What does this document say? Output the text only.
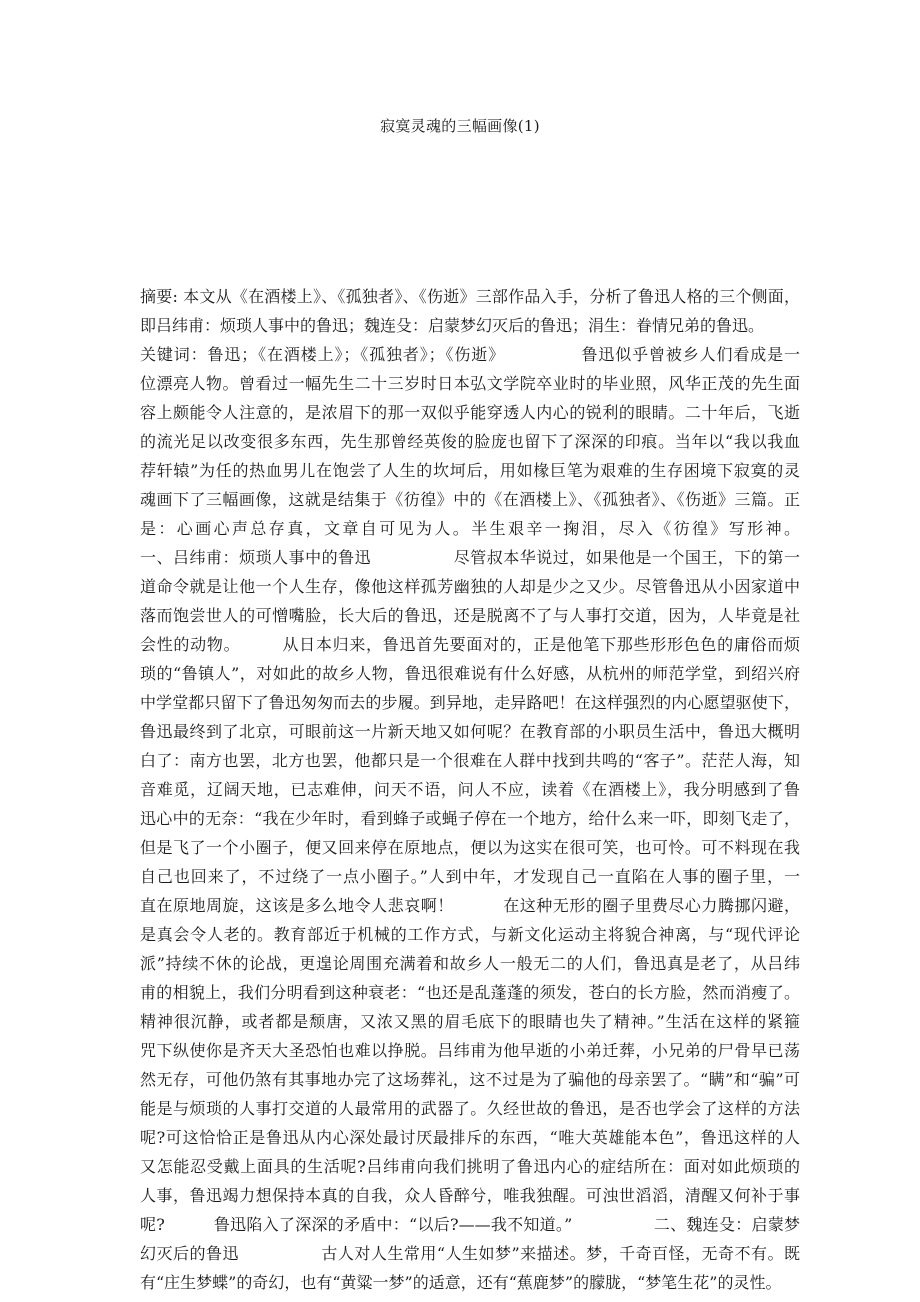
寂寞灵魂的三幅画像(1)
摘要: 本文从《在酒楼上》、《孤独者》、《伤逝》三部作品入手，分析了鲁迅人格的三个侧面，
即吕纬甫：烦琐人事中的鲁迅；魏连殳：启蒙梦幻灭后的鲁迅；涓生：眷情兄弟的鲁迅。
关键词：鲁迅；《在酒楼上》；《孤独者》；《伤逝》　　　　　鲁迅似乎曾被乡人们看成是一
位漂亮人物。曾看过一幅先生二十三岁时日本弘文学院卒业时的毕业照，风华正茂的先生面
容上颇能令人注意的，是浓眉下的那一双似乎能穿透人内心的锐利的眼睛。二十年后，飞逝
的流光足以改变很多东西，先生那曾经英俊的脸庞也留下了深深的印痕。当年以“我以我血
荐轩辕”为任的热血男儿在饱尝了人生的坎坷后，用如椽巨笔为艰难的生存困境下寂寞的灵
魂画下了三幅画像，这就是结集于《彷徨》中的《在酒楼上》、《孤独者》、《伤逝》三篇。正
是：心画心声总存真，文章自可见为人。半生艰辛一掬泪，尽入《彷徨》写形神。
一、吕纬甫：烦琐人事中的鲁迅　　　　　尽管叔本华说过，如果他是一个国王，下的第一
道命令就是让他一个人生存，像他这样孤芳幽独的人却是少之又少。尽管鲁迅从小因家道中
落而饱尝世人的可憎嘴脸，长大后的鲁迅，还是脱离不了与人事打交道，因为，人毕竟是社
会性的动物。　　　从日本归来，鲁迅首先要面对的，正是他笔下那些形形色色的庸俗而烦
琐的“鲁镇人”，对如此的故乡人物，鲁迅很难说有什么好感，从杭州的师范学堂，到绍兴府
中学堂都只留下了鲁迅匆匆而去的步履。到异地，走异路吧！在这样强烈的内心愿望驱使下，
鲁迅最终到了北京，可眼前这一片新天地又如何呢？在教育部的小职员生活中，鲁迅大概明
白了：南方也罢，北方也罢，他都只是一个很难在人群中找到共鸣的“客子”。茫茫人海，知
音难觅，辽阔天地，已志难伸，问天不语，问人不应，读着《在酒楼上》，我分明感到了鲁
迅心中的无奈：“我在少年时，看到蜂子或蝇子停在一个地方，给什么来一吓，即刻飞走了，
但是飞了一个小圈子，便又回来停在原地点，便以为这实在很可笑，也可怜。可不料现在我
自己也回来了，不过绕了一点小圈子。”人到中年，才发现自己一直陷在人事的圈子里，一
直在原地周旋，这该是多么地令人悲哀啊！　　　在这种无形的圈子里费尽心力腾挪闪避，
是真会令人老的。教育部近于机械的工作方式，与新文化运动主将貌合神离，与“现代评论
派”持续不休的论战，更遑论周围充满着和故乡人一般无二的人们，鲁迅真是老了，从吕纬
甫的相貌上，我们分明看到这种衰老：“也还是乱蓬蓬的须发，苍白的长方脸，然而消瘦了。
精神很沉静，或者都是颓唐，又浓又黑的眉毛底下的眼睛也失了精神。”生活在这样的紧箍
咒下纵使你是齐天大圣恐怕也难以挣脱。吕纬甫为他早逝的小弟迁葬，小兄弟的尸骨早已荡
然无存，可他仍煞有其事地办完了这场葬礼，这不过是为了骗他的母亲罢了。“瞒”和“骗”可
能是与烦琐的人事打交道的人最常用的武器了。久经世故的鲁迅，是否也学会了这样的方法
呢?可这恰恰正是鲁迅从内心深处最讨厌最排斥的东西，“唯大英雄能本色”，鲁迅这样的人
又怎能忍受戴上面具的生活呢?吕纬甫向我们挑明了鲁迅内心的症结所在：面对如此烦琐的
人事，鲁迅竭力想保持本真的自我，众人昏醉兮，唯我独醒。可浊世滔滔，清醒又何补于事
呢?　　　鲁迅陷入了深深的矛盾中：“以后?——我不知道。”　　　　　二、魏连殳：启蒙梦
幻灭后的鲁迅　　　　　古人对人生常用“人生如梦”来描述。梦，千奇百怪，无奇不有。既
有“庄生梦蝶”的奇幻，也有“黄粱一梦”的适意，还有“蕉鹿梦”的朦胧，“梦笔生花”的灵性。
